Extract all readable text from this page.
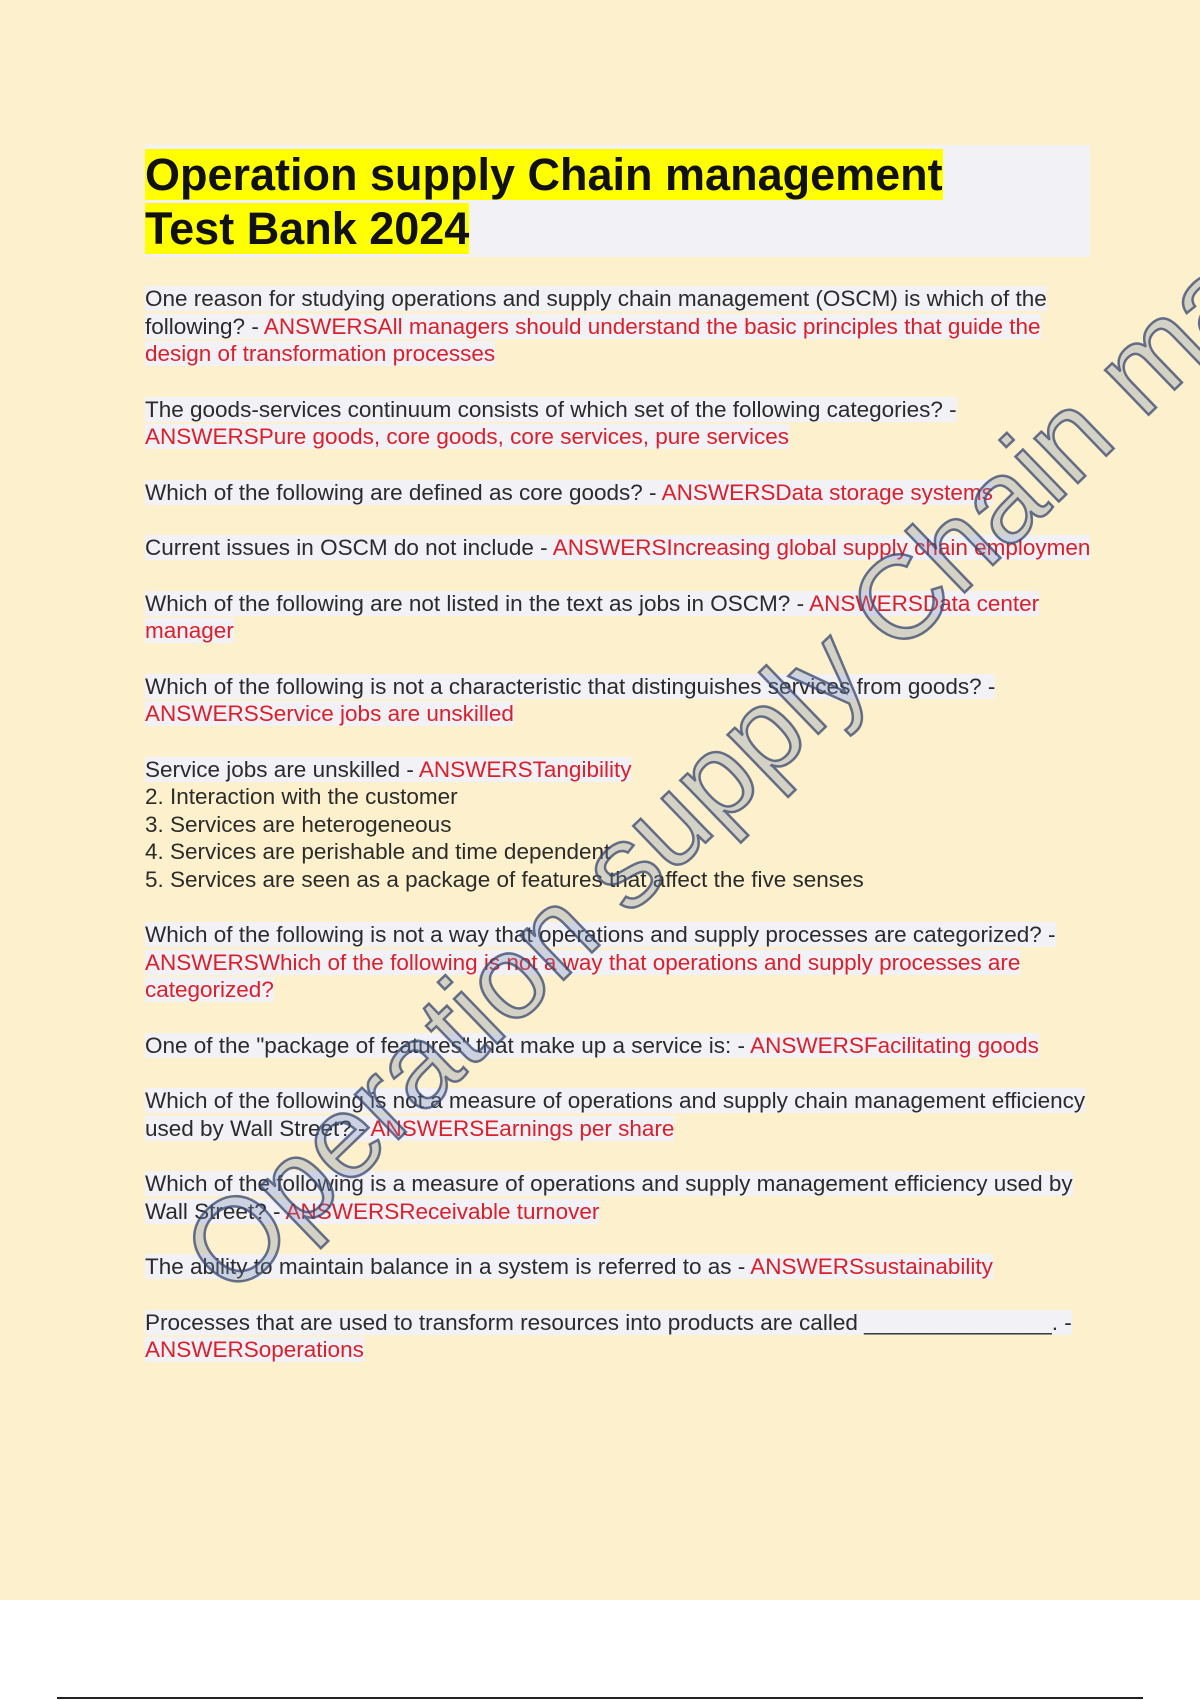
Operation supply Chain management
Test Bank 2024

One reason for studying operations and supply chain management (OSCM) is which of the following? - ANSWERSAll managers should understand the basic principles that guide the design of transformation processes

The goods-services continuum consists of which set of the following categories? - ANSWERSPure goods, core goods, core services, pure services

Which of the following are defined as core goods? - ANSWERSData storage systems

Current issues in OSCM do not include - ANSWERSIncreasing global supply chain employmen

Which of the following are not listed in the text as jobs in OSCM? - ANSWERSData center manager

Which of the following is not a characteristic that distinguishes services from goods? - ANSWERSService jobs are unskilled

Service jobs are unskilled - ANSWERSTangibility
2. Interaction with the customer
3. Services are heterogeneous
4. Services are perishable and time dependent
5. Services are seen as a package of features that affect the five senses

Which of the following is not a way that operations and supply processes are categorized? - ANSWERSWhich of the following is not a way that operations and supply processes are categorized?

One of the "package of features" that make up a service is: - ANSWERSFacilitating goods

Which of the following is not a measure of operations and supply chain management efficiency used by Wall Street? - ANSWERSEarnings per share

Which of the following is a measure of operations and supply management efficiency used by Wall Street? - ANSWERSReceivable turnover

The ability to maintain balance in a system is referred to as - ANSWERSsustainability

Processes that are used to transform resources into products are called _______________. - ANSWERSoperations
